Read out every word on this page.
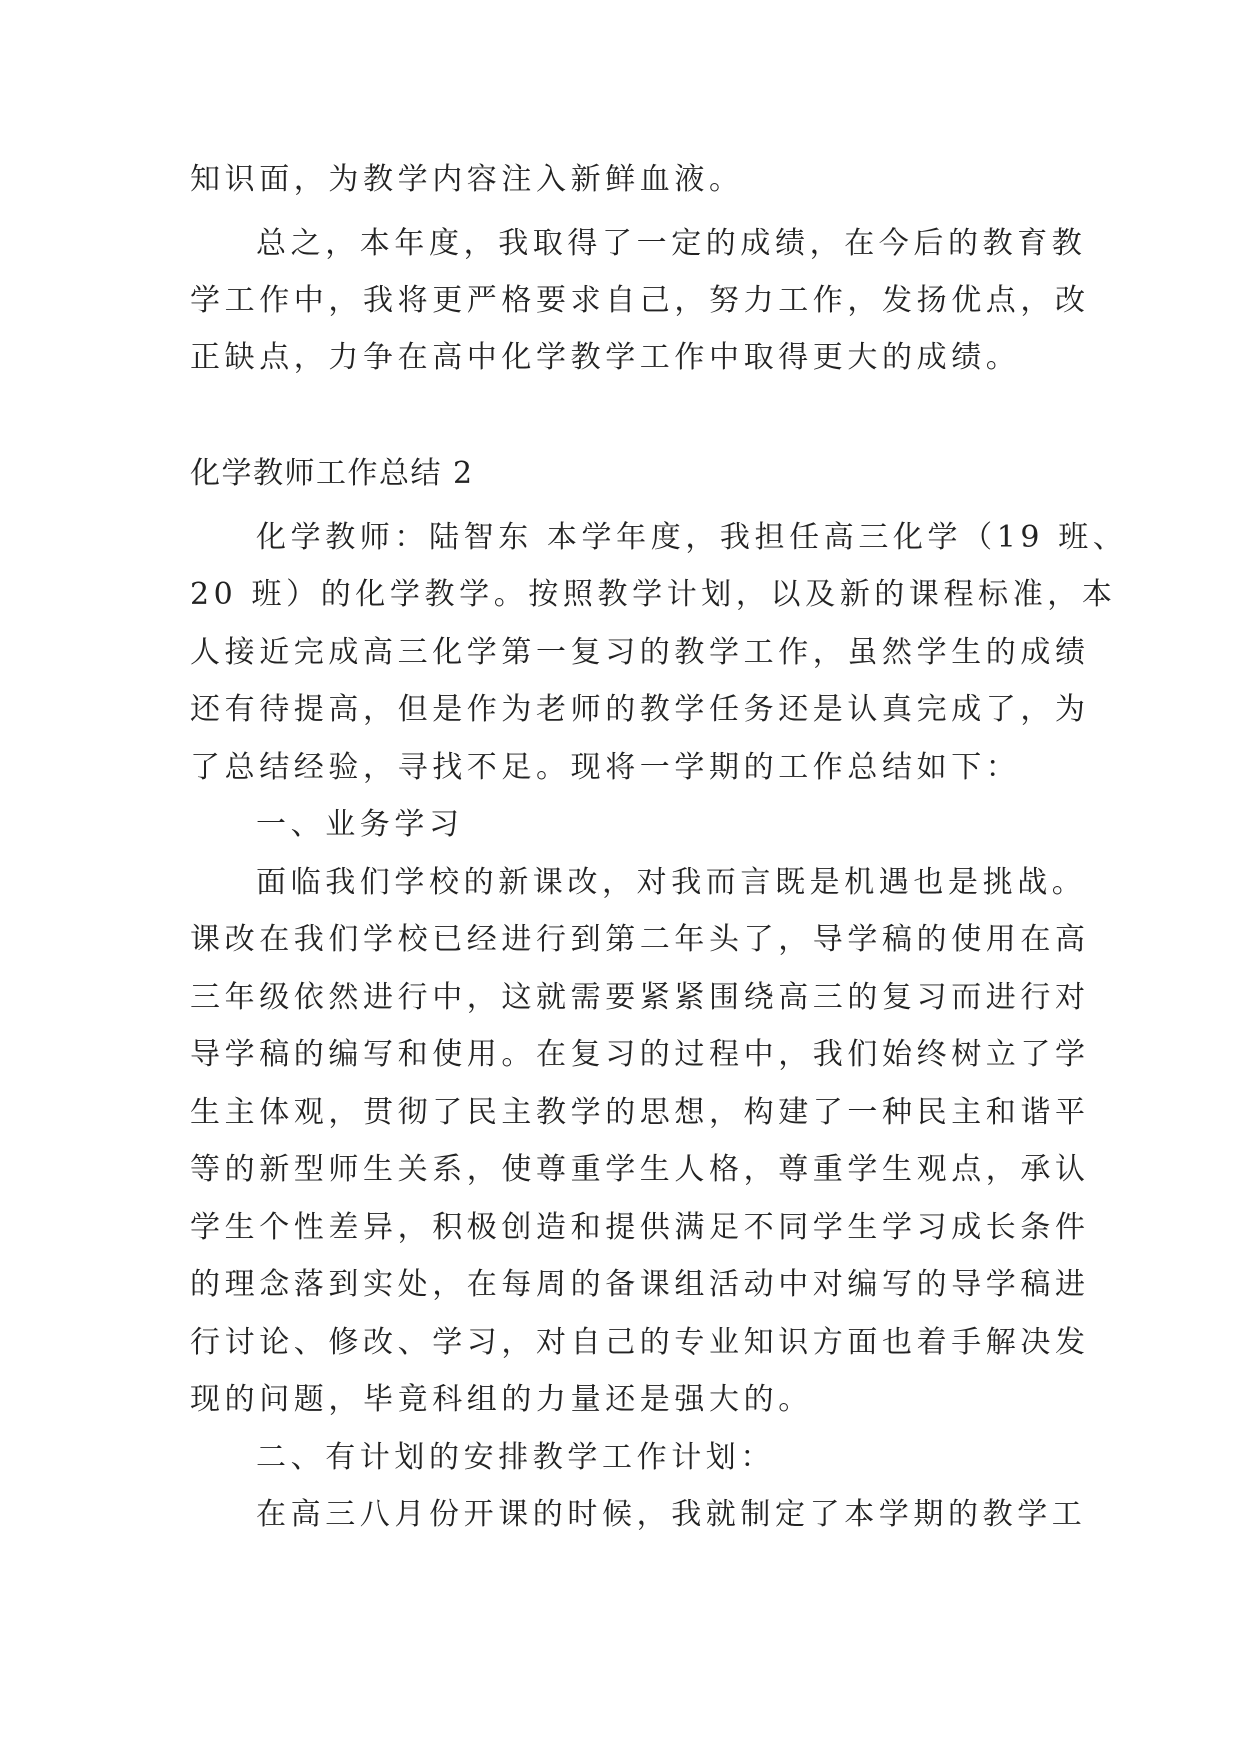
知识面，为教学内容注入新鲜血液。

总之，本年度，我取得了一定的成绩，在今后的教育教

学工作中，我将更严格要求自己，努力工作，发扬优点，改

正缺点，力争在高中化学教学工作中取得更大的成绩。

化学教师工作总结 2

化学教师：陆智东 本学年度，我担任高三化学（19 班、

20 班）的化学教学。按照教学计划，以及新的课程标准，本

人接近完成高三化学第一复习的教学工作，虽然学生的成绩

还有待提高，但是作为老师的教学任务还是认真完成了，为

了总结经验，寻找不足。现将一学期的工作总结如下：

一、业务学习

面临我们学校的新课改，对我而言既是机遇也是挑战。

课改在我们学校已经进行到第二年头了，导学稿的使用在高

三年级依然进行中，这就需要紧紧围绕高三的复习而进行对

导学稿的编写和使用。在复习的过程中，我们始终树立了学

生主体观，贯彻了民主教学的思想，构建了一种民主和谐平

等的新型师生关系，使尊重学生人格，尊重学生观点，承认

学生个性差异，积极创造和提供满足不同学生学习成长条件

的理念落到实处，在每周的备课组活动中对编写的导学稿进

行讨论、修改、学习，对自己的专业知识方面也着手解决发

现的问题，毕竟科组的力量还是强大的。

二、有计划的安排教学工作计划：

在高三八月份开课的时候，我就制定了本学期的教学工
